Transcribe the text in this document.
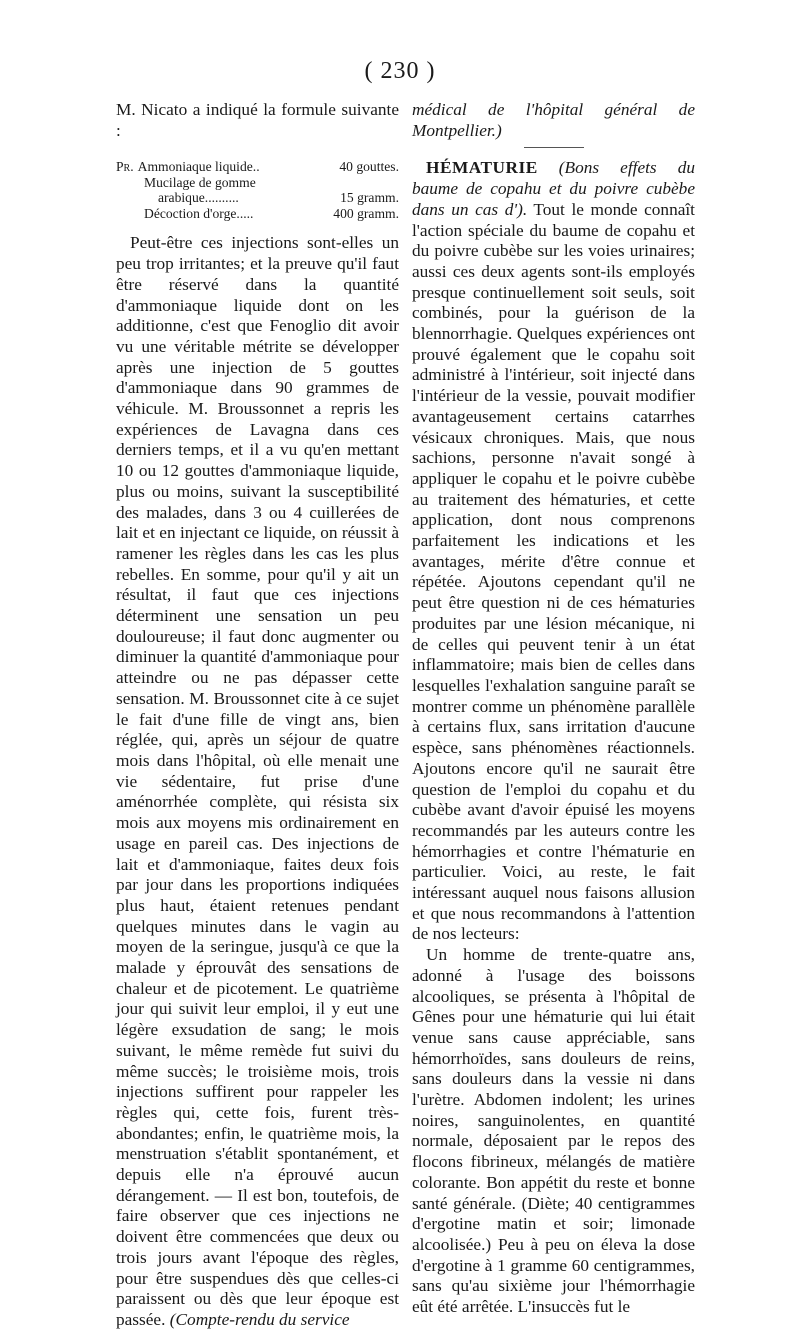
( 230 )

M. Nicato a indiqué la formule suivante :

Pr. Ammoniaque liquide..	40 gouttes.
Mucilage de gomme
arabique..........	15 gramm.
Décoction d'orge.....	400 gramm.

Peut-être ces injections sont-elles un peu trop irritantes; et la preuve qu'il faut être réservé dans la quantité d'ammoniaque liquide dont on les additionne, c'est que Fenoglio dit avoir vu une véritable métrite se développer après une injection de 5 gouttes d'ammoniaque dans 90 grammes de véhicule. M. Broussonnet a repris les expériences de Lavagna dans ces derniers temps, et il a vu qu'en mettant 10 ou 12 gouttes d'ammoniaque liquide, plus ou moins, suivant la susceptibilité des malades, dans 3 ou 4 cuillerées de lait et en injectant ce liquide, on réussit à ramener les règles dans les cas les plus rebelles. En somme, pour qu'il y ait un résultat, il faut que ces injections déterminent une sensation un peu douloureuse; il faut donc augmenter ou diminuer la quantité d'ammoniaque pour atteindre ou ne pas dépasser cette sensation. M. Broussonnet cite à ce sujet le fait d'une fille de vingt ans, bien réglée, qui, après un séjour de quatre mois dans l'hôpital, où elle menait une vie sédentaire, fut prise d'une aménorrhée complète, qui résista six mois aux moyens mis ordinairement en usage en pareil cas. Des injections de lait et d'ammoniaque, faites deux fois par jour dans les proportions indiquées plus haut, étaient retenues pendant quelques minutes dans le vagin au moyen de la seringue, jusqu'à ce que la malade y éprouvât des sensations de chaleur et de picotement. Le quatrième jour qui suivit leur emploi, il y eut une légère exsudation de sang; le mois suivant, le même remède fut suivi du même succès; le troisième mois, trois injections suffirent pour rappeler les règles qui, cette fois, furent très-abondantes; enfin, le quatrième mois, la menstruation s'établit spontanément, et depuis elle n'a éprouvé aucun dérangement. — Il est bon, toutefois, de faire observer que ces injections ne doivent être commencées que deux ou trois jours avant l'époque des règles, pour être suspendues dès que celles-ci paraissent ou dès que leur époque est passée. (Compte-rendu du service

médical de l'hôpital général de Montpellier.)

HÉMATURIE (Bons effets du baume de copahu et du poivre cubèbe dans un cas d'). Tout le monde connaît l'action spéciale du baume de copahu et du poivre cubèbe sur les voies urinaires; aussi ces deux agents sont-ils employés presque continuellement soit seuls, soit combinés, pour la guérison de la blennorrhagie. Quelques expériences ont prouvé également que le copahu soit administré à l'intérieur, soit injecté dans l'intérieur de la vessie, pouvait modifier avantageusement certains catarrhes vésicaux chroniques. Mais, que nous sachions, personne n'avait songé à appliquer le copahu et le poivre cubèbe au traitement des hématuries, et cette application, dont nous comprenons parfaitement les indications et les avantages, mérite d'être connue et répétée. Ajoutons cependant qu'il ne peut être question ni de ces hématuries produites par une lésion mécanique, ni de celles qui peuvent tenir à un état inflammatoire; mais bien de celles dans lesquelles l'exhalation sanguine paraît se montrer comme un phénomène parallèle à certains flux, sans irritation d'aucune espèce, sans phénomènes réactionnels. Ajoutons encore qu'il ne saurait être question de l'emploi du copahu et du cubèbe avant d'avoir épuisé les moyens recommandés par les auteurs contre les hémorrhagies et contre l'hématurie en particulier. Voici, au reste, le fait intéressant auquel nous faisons allusion et que nous recommandons à l'attention de nos lecteurs:

Un homme de trente-quatre ans, adonné à l'usage des boissons alcooliques, se présenta à l'hôpital de Gênes pour une hématurie qui lui était venue sans cause appréciable, sans hémorrhoïdes, sans douleurs de reins, sans douleurs dans la vessie ni dans l'urètre. Abdomen indolent; les urines noires, sanguinolentes, en quantité normale, déposaient par le repos des flocons fibrineux, mélangés de matière colorante. Bon appétit du reste et bonne santé générale. (Diète; 40 centigrammes d'ergotine matin et soir; limonade alcoolisée.) Peu à peu on éleva la dose d'ergotine à 1 gramme 60 centigrammes, sans qu'au sixième jour l'hémorrhagie eût été arrêtée. L'insuccès fut le
